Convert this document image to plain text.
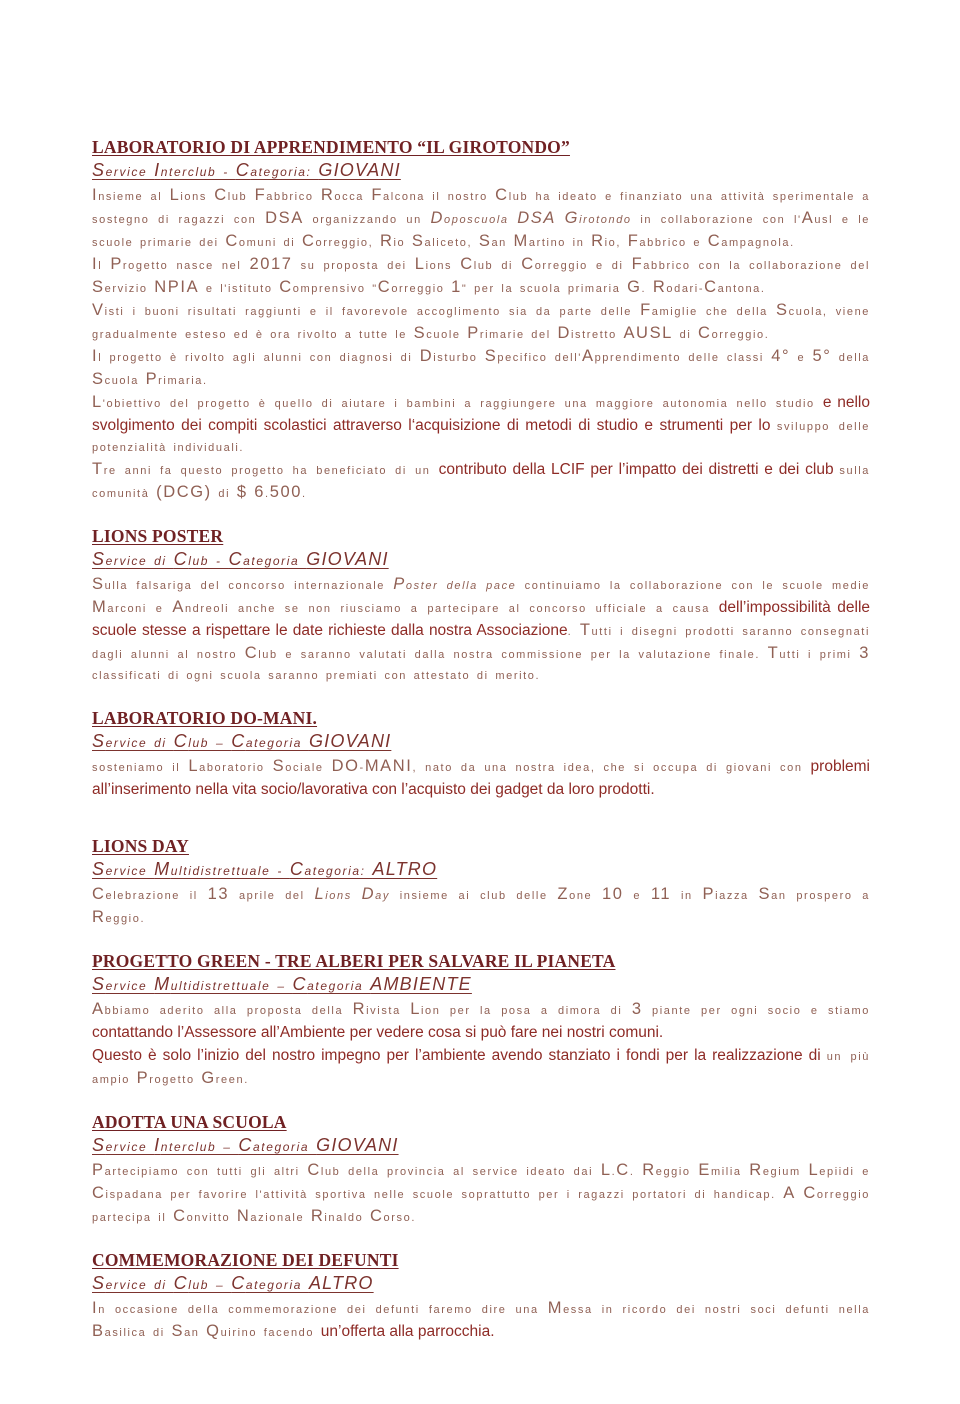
LABORATORIO DI APPRENDIMENTO “IL GIROTONDO”
Service Interclub - Categoria: GIOVANI

Insieme al Lions Club Fabbrico Rocca Falcona il nostro Club ha ideato e finanziato una attività sperimentale a sostegno di ragazzi con DSA organizzando un Doposcuola DSA Girotondo in collaborazione con l'Ausl e le scuole primarie dei Comuni di Correggio, Rio Saliceto, San Martino in Rio, Fabbrico e Campagnola.

Il Progetto nasce nel 2017 su proposta dei Lions Club di Correggio e di Fabbrico con la collaborazione del Servizio NPIA e l'istituto Comprensivo "Correggio 1" per la scuola primaria G. Rodari-Cantona.

Visti i buoni risultati raggiunti e il favorevole accoglimento sia da parte delle Famiglie che della Scuola, viene gradualmente esteso ed è ora rivolto a tutte le Scuole Primarie del Distretto AUSL di Correggio.

Il progetto è rivolto agli alunni con diagnosi di Disturbo Specifico dell'Apprendimento delle classi 4° e 5° della Scuola Primaria.

L'obiettivo del progetto è quello di aiutare i bambini a raggiungere una maggiore autonomia nello studio e nello svolgimento dei compiti scolastici attraverso l‘acquisizione di metodi di studio e strumenti per lo sviluppo delle potenzialità individuali.

Tre anni fa questo progetto ha beneficiato di un contributo della LCIF per l’impatto dei distretti e dei club sulla comunità (DCG) di $ 6.500.

LIONS POSTER
Service di Club - Categoria GIOVANI

Sulla falsariga del concorso internazionale Poster della pace continuiamo la collaborazione con le scuole medie Marconi e Andreoli anche se non riusciamo a partecipare al concorso ufficiale a causa dell’impossibilità delle scuole stesse a rispettare le date richieste dalla nostra Associazione. Tutti i disegni prodotti saranno consegnati dagli alunni al nostro Club e saranno valutati dalla nostra commissione per la valutazione finale. Tutti i primi 3 classificati di ogni scuola saranno premiati con attestato di merito.

LABORATORIO DO-MANI.
Service di Club – Categoria GIOVANI

sosteniamo il Laboratorio Sociale DO-MANI, nato da una nostra idea, che si occupa di giovani con problemi all’inserimento nella vita socio/lavorativa con l’acquisto dei gadget da loro prodotti.

LIONS DAY
Service Multidistrettuale - Categoria: ALTRO

Celebrazione il 13 aprile del Lions Day insieme ai club delle Zone 10 e 11 in Piazza San prospero a Reggio.

PROGETTO GREEN - TRE ALBERI PER SALVARE IL PIANETA
Service Multidistrettuale – Categoria AMBIENTE

Abbiamo aderito alla proposta della Rivista Lion per la posa a dimora di 3 piante per ogni socio e stiamo contattando l’Assessore all’Ambiente per vedere cosa si può fare nei nostri comuni.

Questo è solo l’inizio del nostro impegno per l’ambiente avendo stanziato i fondi per la realizzazione di un più ampio Progetto Green.

ADOTTA UNA SCUOLA
Service Interclub – Categoria GIOVANI

Partecipiamo con tutti gli altri Club della provincia al service ideato dai L.C. Reggio Emilia Regium Lepiidi e Cispadana per favorire l'attività sportiva nelle scuole soprattutto per i ragazzi portatori di handicap. A Correggio partecipa il Convitto Nazionale Rinaldo Corso.

COMMEMORAZIONE DEI DEFUNTI
Service di Club – Categoria ALTRO

In occasione della commemorazione dei defunti faremo dire una Messa in ricordo dei nostri soci defunti nella Basilica di San Quirino facendo un’offerta alla parrocchia.
